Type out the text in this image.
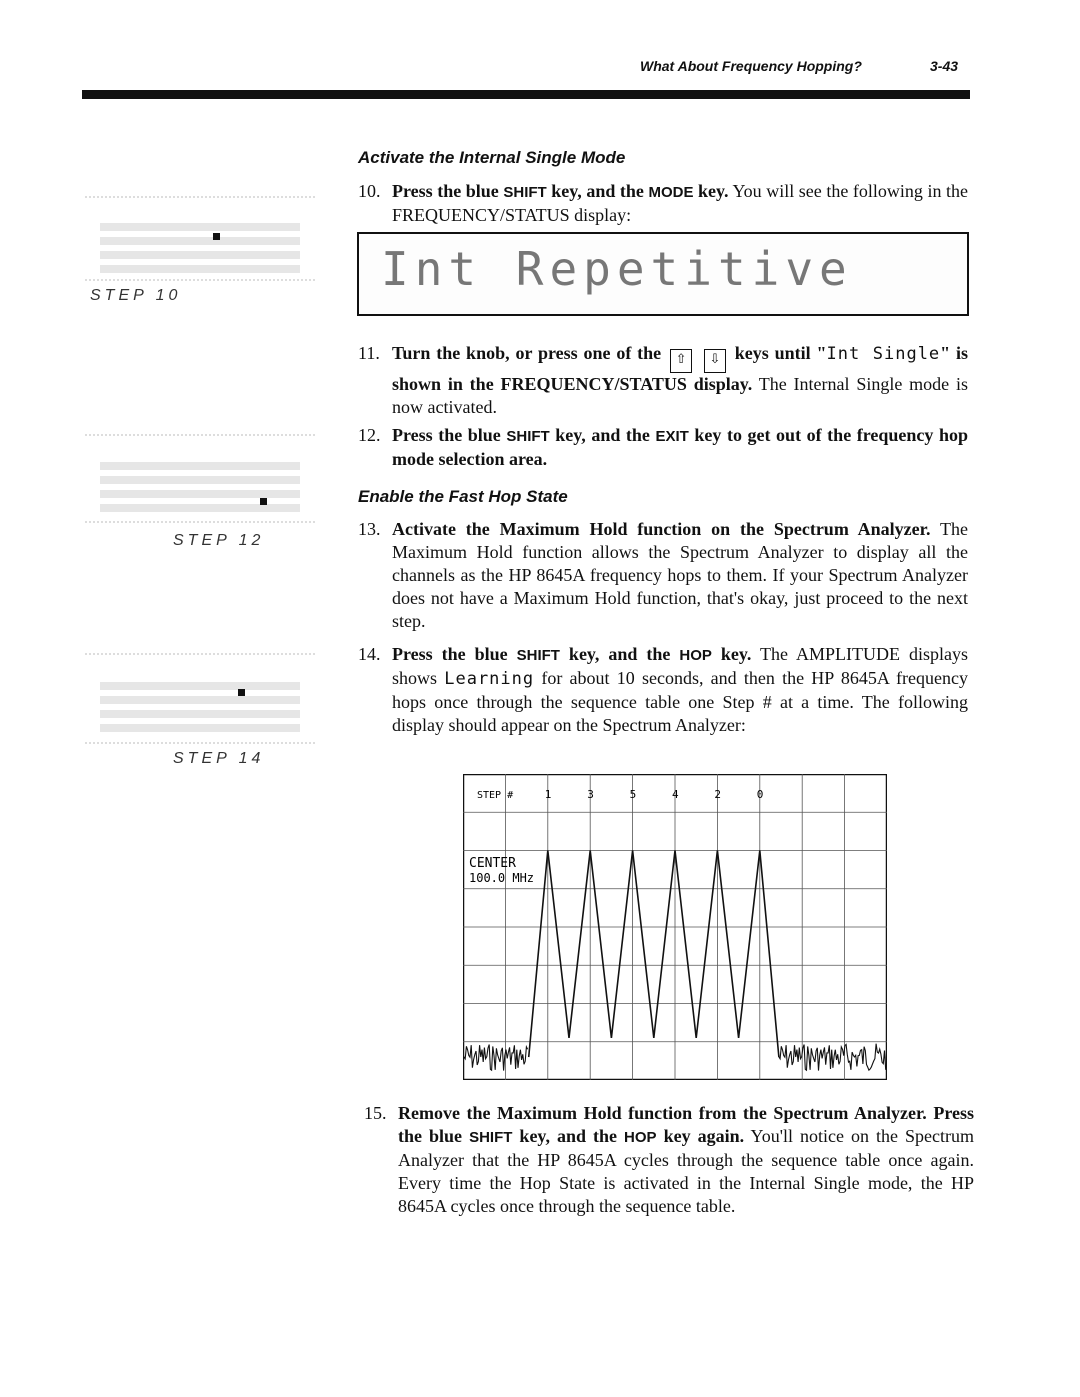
What About Frequency Hopping?	3-43
STEP 10
STEP 12
STEP 14
Activate the Internal Single Mode
10. Press the blue SHIFT key, and the MODE key. You will see the following in the FREQUENCY/STATUS display:
Int Repetitive
11. Turn the knob, or press one of the ⇧ ⇩ keys until "Int Single" is shown in the FREQUENCY/STATUS display. The Internal Single mode is now activated.
12. Press the blue SHIFT key, and the EXIT key to get out of the frequency hop mode selection area.
Enable the Fast Hop State
13. Activate the Maximum Hold function on the Spectrum Analyzer. The Maximum Hold function allows the Spectrum Analyzer to display all the channels as the HP 8645A frequency hops to them. If your Spectrum Analyzer does not have a Maximum Hold function, that's okay, just proceed to the next step.
14. Press the blue SHIFT key, and the HOP key. The AMPLITUDE displays shows Learning for about 10 seconds, and then the HP 8645A frequency hops once through the sequence table one Step # at a time. The following display should appear on the Spectrum Analyzer:
STEP #	1	3	5	4	2	0
CENTER
100.0 MHz
15. Remove the Maximum Hold function from the Spectrum Analyzer. Press the blue SHIFT key, and the HOP key again. You'll notice on the Spectrum Analyzer that the HP 8645A cycles through the sequence table once again. Every time the Hop State is activated in the Internal Single mode, the HP 8645A cycles once through the sequence table.
